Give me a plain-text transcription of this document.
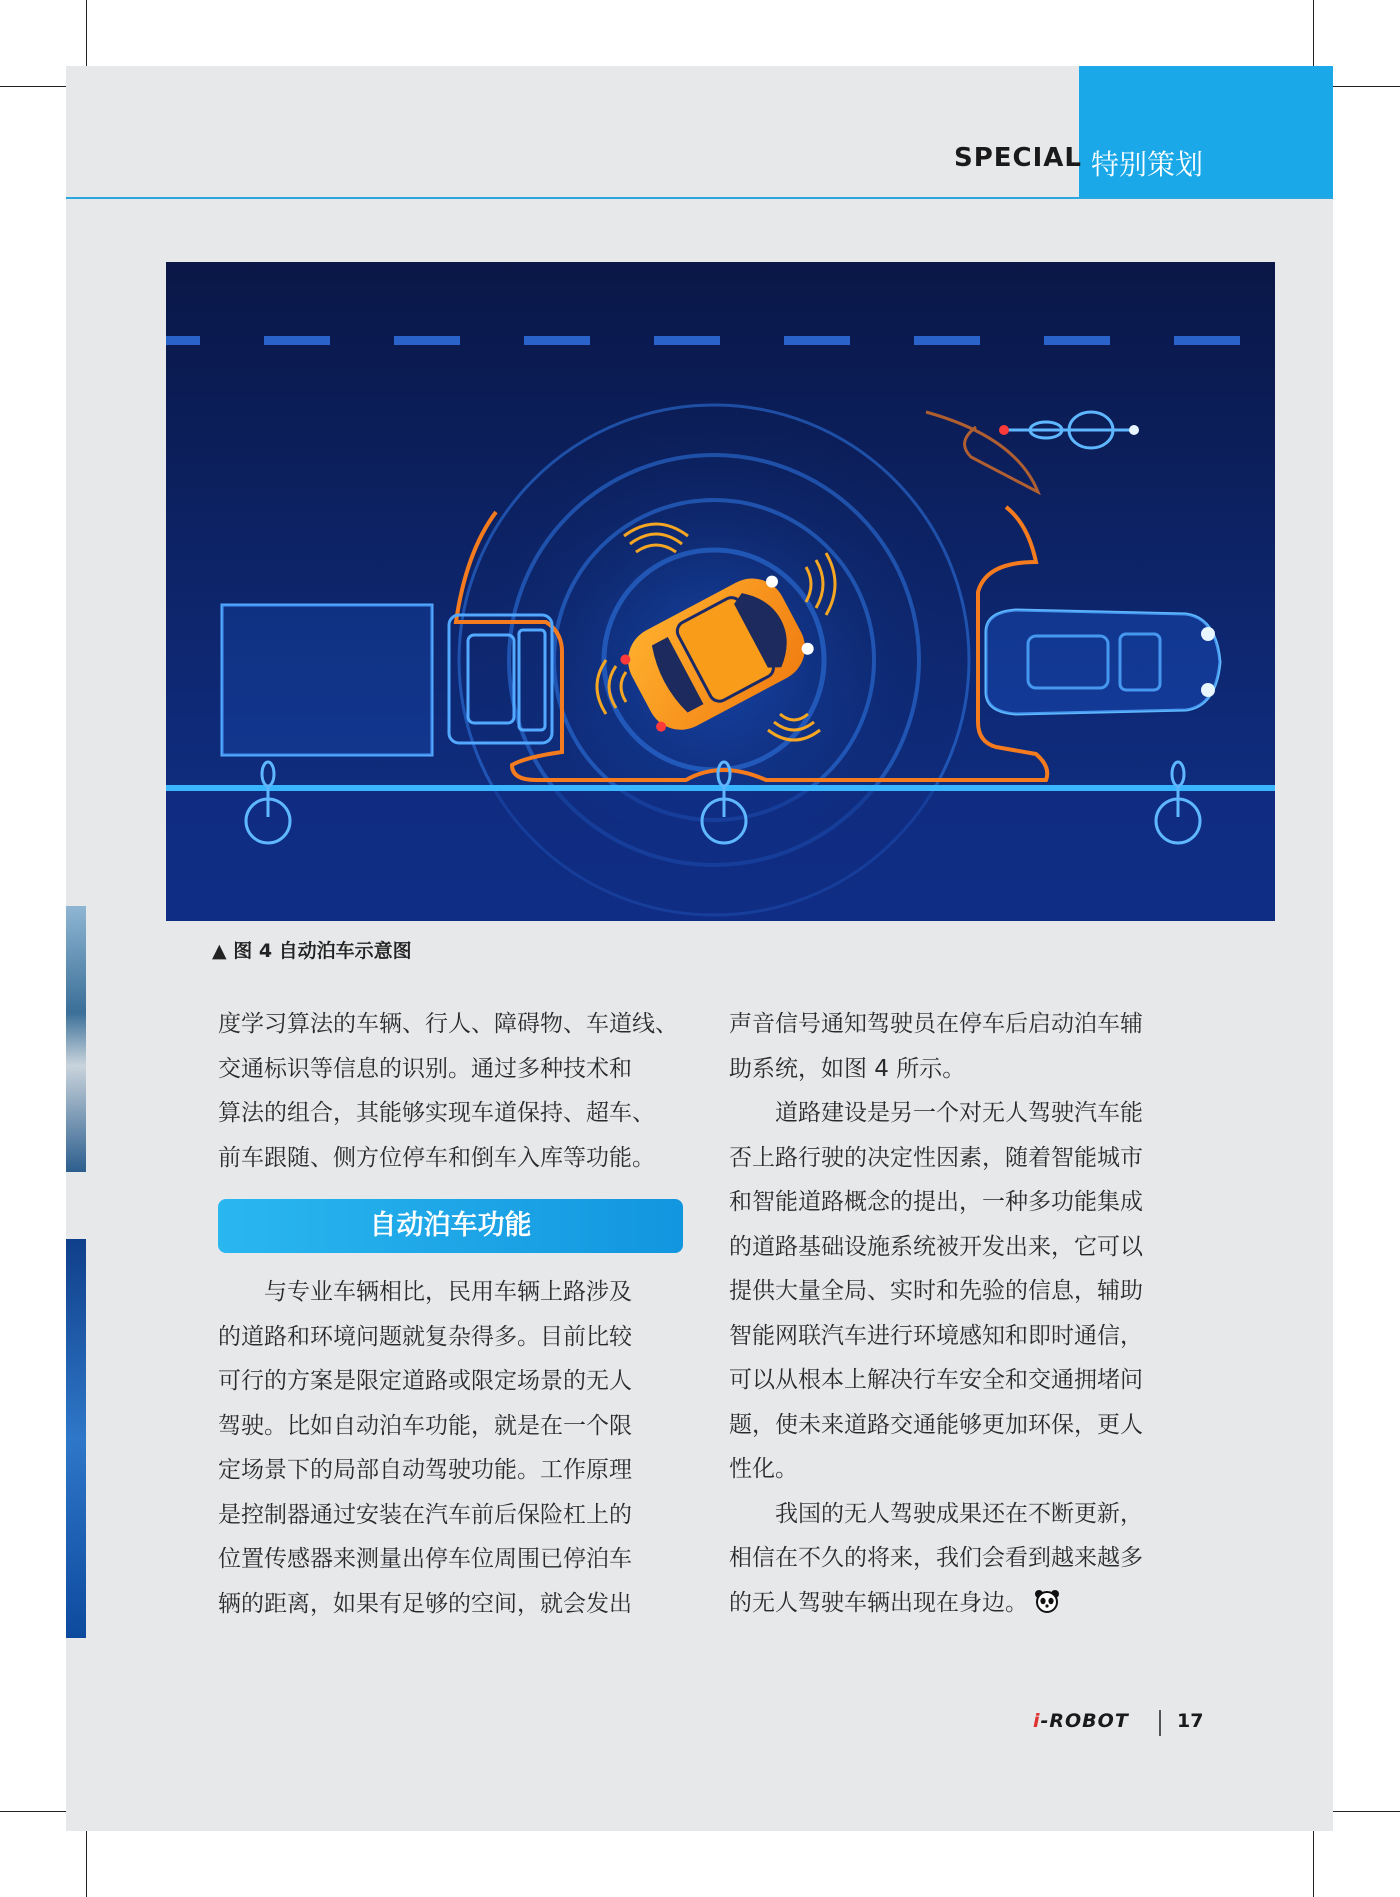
SPECIAL 特别策划
▲ 图 4 自动泊车示意图

度学习算法的车辆、行人、障碍物、车道线、

交通标识等信息的识别。通过多种技术和

算法的组合，其能够实现车道保持、超车、

前车跟随、侧方位停车和倒车入库等功能。

自动泊车功能

与专业车辆相比，民用车辆上路涉及

的道路和环境问题就复杂得多。目前比较

可行的方案是限定道路或限定场景的无人

驾驶。比如自动泊车功能，就是在一个限

定场景下的局部自动驾驶功能。工作原理

是控制器通过安装在汽车前后保险杠上的

位置传感器来测量出停车位周围已停泊车

辆的距离，如果有足够的空间，就会发出

声音信号通知驾驶员在停车后启动泊车辅

助系统，如图 4 所示。

道路建设是另一个对无人驾驶汽车能

否上路行驶的决定性因素，随着智能城市

和智能道路概念的提出，一种多功能集成

的道路基础设施系统被开发出来，它可以

提供大量全局、实时和先验的信息，辅助

智能网联汽车进行环境感知和即时通信，

可以从根本上解决行车安全和交通拥堵问

题，使未来道路交通能够更加环保，更人

性化。

我国的无人驾驶成果还在不断更新，

相信在不久的将来，我们会看到越来越多

的无人驾驶车辆出现在身边。

i-ROBOT	17
